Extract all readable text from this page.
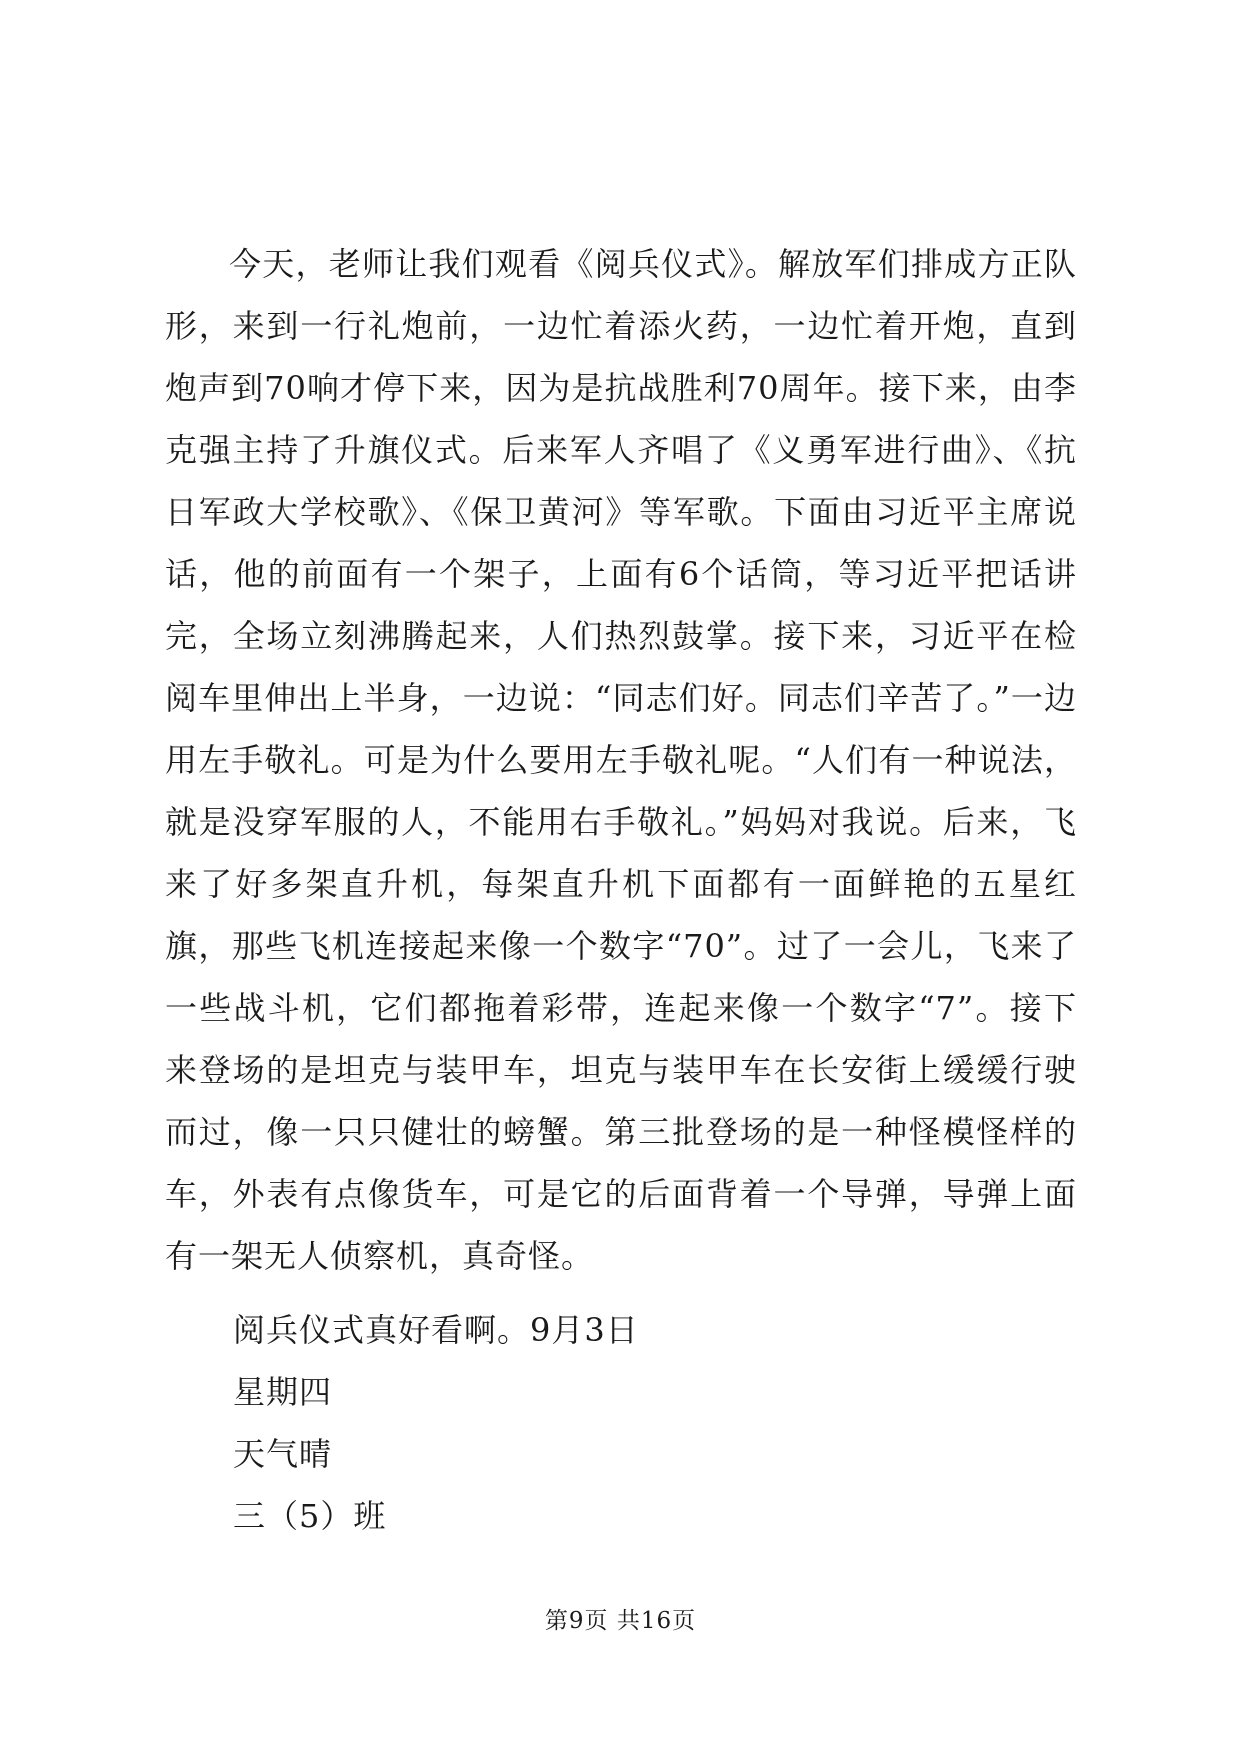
今天，老师让我们观看《阅兵仪式》。解放军们排成方正队形，来到一行礼炮前，一边忙着添火药，一边忙着开炮，直到炮声到70响才停下来，因为是抗战胜利70周年。接下来，由李克强主持了升旗仪式。后来军人齐唱了《义勇军进行曲》、《抗日军政大学校歌》、《保卫黄河》等军歌。下面由习近平主席说话，他的前面有一个架子，上面有6个话筒，等习近平把话讲完，全场立刻沸腾起来，人们热烈鼓掌。接下来，习近平在检阅车里伸出上半身，一边说：“同志们好。同志们辛苦了。”一边用左手敬礼。可是为什么要用左手敬礼呢。“人们有一种说法，就是没穿军服的人，不能用右手敬礼。”妈妈对我说。后来，飞来了好多架直升机，每架直升机下面都有一面鲜艳的五星红旗，那些飞机连接起来像一个数字“70”。过了一会儿，飞来了一些战斗机，它们都拖着彩带，连起来像一个数字“7”。接下来登场的是坦克与装甲车，坦克与装甲车在长安街上缓缓行驶而过，像一只只健壮的螃蟹。第三批登场的是一种怪模怪样的车，外表有点像货车，可是它的后面背着一个导弹，导弹上面有一架无人侦察机，真奇怪。

阅兵仪式真好看啊。9月3日

星期四

天气晴

三（5）班

第9页 共16页
